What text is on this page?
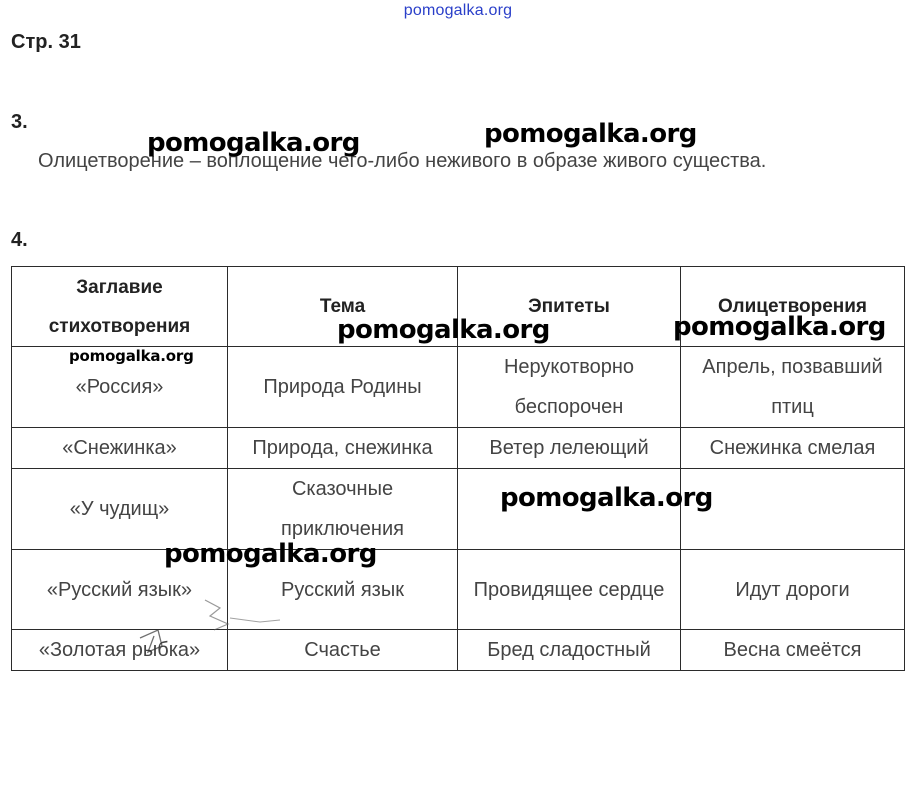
pomogalka.org
Стр. 31
3.
Олицетворение – воплощение чего-либо неживого в образе живого существа.
4.
Заглавие стихотворения	Тема	Эпитеты	Олицетворения
«Россия»	Природа Родины	Нерукотворно беспорочен	Апрель, позвавший птиц
«Снежинка»	Природа, снежинка	Ветер лелеющий	Снежинка смелая
«У чудищ»	Сказочные приключения		
«Русский язык»	Русский язык	Провидящее сердце	Идут дороги
«Золотая рыбка»	Счастье	Бред сладостный	Весна смеётся
pomogalka.org	pomogalka.org
pomogalka.org	pomogalka.org
pomogalka.org
pomogalka.org
pomogalka.org
